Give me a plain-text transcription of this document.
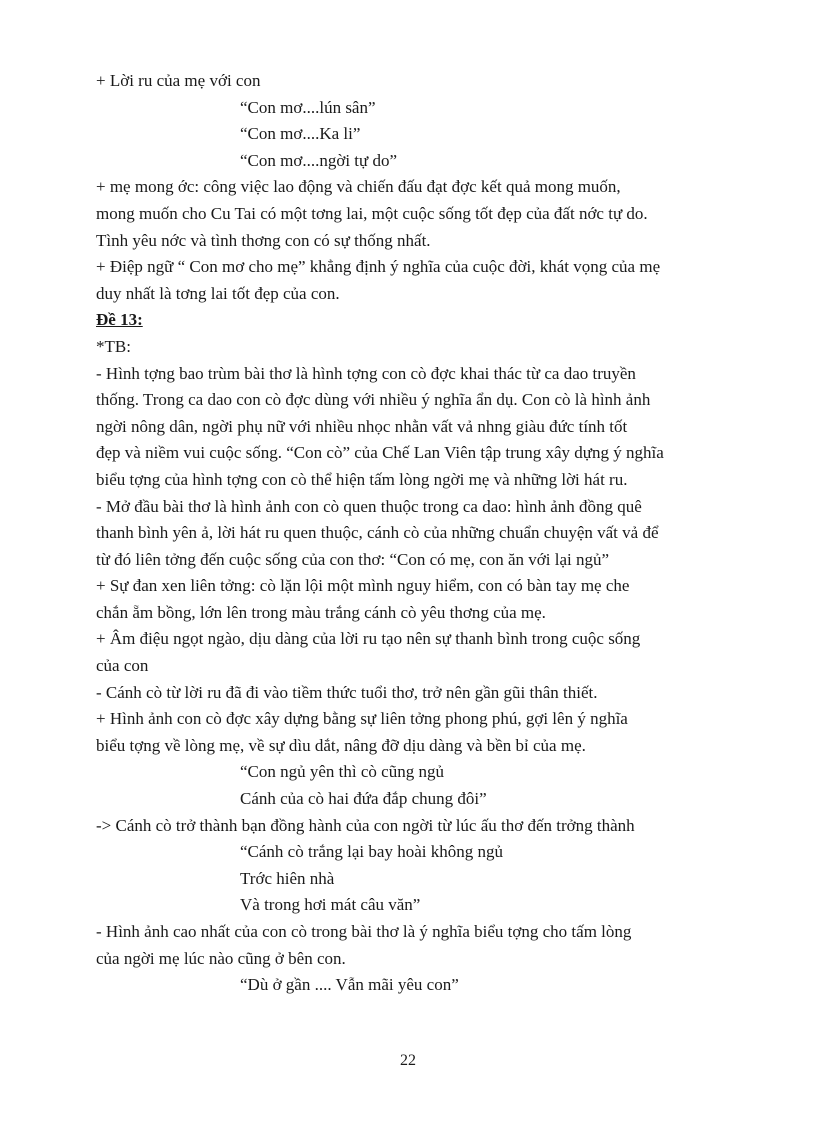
+ Lời ru của mẹ với con
“Con mơ....lún sân”
“Con mơ....Ka li”
“Con mơ....ngời tự do”
+ mẹ mong ớc: công việc lao động và chiến đấu đạt đợc kết quả mong muốn,
mong muốn cho Cu Tai có một tơng lai, một cuộc sống tốt đẹp của đất nớc tự do.
Tình yêu nớc và tình thơng con có sự thống nhất.
+ Điệp ngữ “ Con mơ cho mẹ” khẳng định ý nghĩa của cuộc đời, khát vọng của mẹ
duy nhất là tơng lai tốt đẹp của con.
Đề 13:
*TB:
- Hình tợng bao trùm bài thơ là hình tợng con cò đợc khai thác từ ca dao truyền
thống. Trong ca dao con cò đợc dùng với nhiều ý nghĩa ẩn dụ. Con cò là hình ảnh
ngời nông dân, ngời phụ nữ với nhiều nhọc nhằn vất vả nhng giàu đức tính tốt
đẹp và niềm vui cuộc sống. “Con cò” của Chế Lan Viên tập trung xây dựng ý nghĩa
biểu tợng của hình tợng con cò thể hiện tấm lòng ngời mẹ và những lời hát ru.
- Mở đầu bài thơ là hình ảnh con cò quen thuộc trong ca dao: hình ảnh đồng quê
thanh bình yên ả, lời hát ru quen thuộc, cánh cò của những chuẩn chuyện vất vả để
từ đó liên tởng đến cuộc sống của con thơ: “Con có mẹ, con ăn với lại ngủ”
+ Sự đan xen liên tởng: cò lặn lội một mình nguy hiểm, con có bàn tay mẹ che
chắn ẵm bồng, lớn lên trong màu trắng cánh cò yêu thơng của mẹ.
+ Âm điệu ngọt ngào, dịu dàng của lời ru tạo nên sự thanh bình trong cuộc sống
của con
- Cánh cò từ lời ru đã đi vào tiềm thức tuổi thơ, trở nên gần gũi thân thiết.
+ Hình ảnh con cò đợc xây dựng bằng sự liên tởng phong phú, gợi lên ý nghĩa
biểu tợng về lòng mẹ, về sự dìu dắt, nâng đỡ dịu dàng và bền bỉ của mẹ.
“Con ngủ yên thì cò cũng ngủ
Cánh của cò hai đứa đắp chung đôi”
-> Cánh cò trở thành bạn đồng hành của con ngời từ lúc ấu thơ đến trởng thành
“Cánh cò trắng lại bay hoài không ngủ
Trớc hiên nhà
Và trong hơi mát câu văn”
- Hình ảnh cao nhất của con cò trong bài thơ là ý nghĩa biểu tợng cho tấm lòng
của ngời mẹ lúc nào cũng ở bên con.
“Dù ở gần .... Vẫn mãi yêu con”
22
